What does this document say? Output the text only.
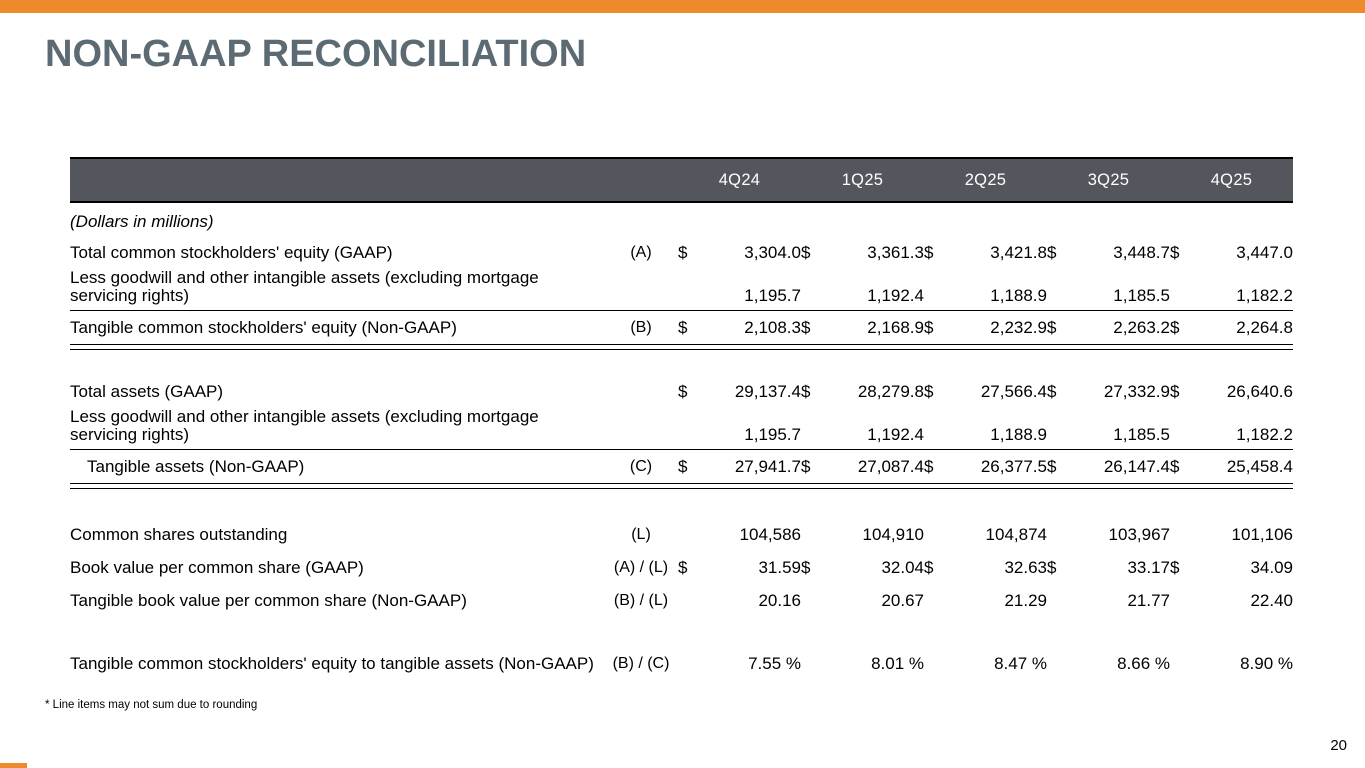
NON-GAAP RECONCILIATION
4Q24	1Q25	2Q25	3Q25	4Q25
(Dollars in millions)
Total common stockholders' equity (GAAP)	(A)	$	3,304.0 $	3,361.3 $	3,421.8 $	3,448.7 $	3,447.0
Less goodwill and other intangible assets (excluding mortgage servicing rights)	1,195.7	1,192.4	1,188.9	1,185.5	1,182.2
Tangible common stockholders' equity (Non-GAAP)	(B)	$	2,108.3 $	2,168.9 $	2,232.9 $	2,263.2 $	2,264.8
Total assets (GAAP)	$	29,137.4 $	28,279.8 $	27,566.4 $	27,332.9 $	26,640.6
Less goodwill and other intangible assets (excluding mortgage servicing rights)	1,195.7	1,192.4	1,188.9	1,185.5	1,182.2
Tangible assets (Non-GAAP)	(C)	$	27,941.7 $	27,087.4 $	26,377.5 $	26,147.4 $	25,458.4
Common shares outstanding	(L)	104,586	104,910	104,874	103,967	101,106
Book value per common share (GAAP)	(A) / (L) $	31.59 $	32.04 $	32.63 $	33.17 $	34.09
Tangible book value per common share (Non-GAAP)	(B) / (L)	20.16	20.67	21.29	21.77	22.40
Tangible common stockholders' equity to tangible assets (Non-GAAP)	(B) / (C)	7.55 %	8.01 %	8.47 %	8.66 %	8.90 %
* Line items may not sum due to rounding
20
